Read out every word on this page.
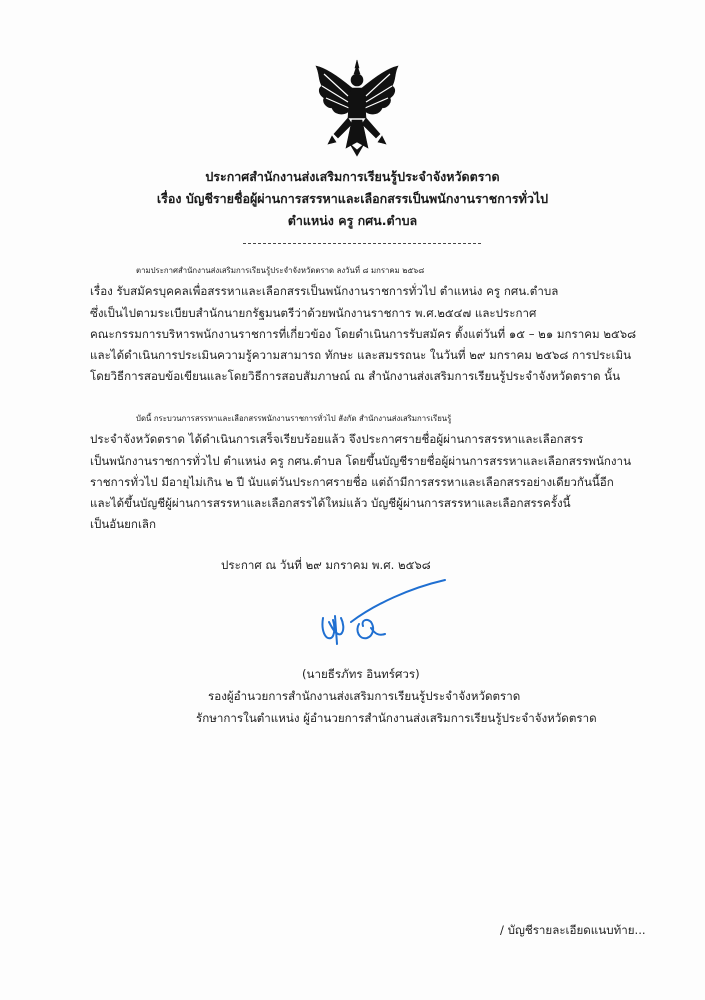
ประกาศสำนักงานส่งเสริมการเรียนรู้ประจำจังหวัดตราด
เรื่อง บัญชีรายชื่อผู้ผ่านการสรรหาและเลือกสรรเป็นพนักงานราชการทั่วไป
ตำแหน่ง ครู กศน.ตำบล
ตามประกาศสำนักงานส่งเสริมการเรียนรู้ประจำจังหวัดตราด ลงวันที่ ๘ มกราคม ๒๕๖๘
เรื่อง รับสมัครบุคคลเพื่อสรรหาและเลือกสรรเป็นพนักงานราชการทั่วไป ตำแหน่ง ครู กศน.ตำบล
ซึ่งเป็นไปตามระเบียบสำนักนายกรัฐมนตรีว่าด้วยพนักงานราชการ พ.ศ.๒๕๔๗ และประกาศ
คณะกรรมการบริหารพนักงานราชการที่เกี่ยวข้อง โดยดำเนินการรับสมัคร ตั้งแต่วันที่ ๑๕ – ๒๑ มกราคม ๒๕๖๘
และได้ดำเนินการประเมินความรู้ความสามารถ ทักษะ และสมรรถนะ ในวันที่ ๒๙ มกราคม ๒๕๖๘ การประเมิน
โดยวิธีการสอบข้อเขียนและโดยวิธีการสอบสัมภาษณ์ ณ สำนักงานส่งเสริมการเรียนรู้ประจำจังหวัดตราด นั้น
บัดนี้ กระบวนการสรรหาและเลือกสรรพนักงานราชการทั่วไป สังกัด สำนักงานส่งเสริมการเรียนรู้
ประจำจังหวัดตราด ได้ดำเนินการเสร็จเรียบร้อยแล้ว จึงประกาศรายชื่อผู้ผ่านการสรรหาและเลือกสรร
เป็นพนักงานราชการทั่วไป ตำแหน่ง ครู กศน.ตำบล โดยขึ้นบัญชีรายชื่อผู้ผ่านการสรรหาและเลือกสรรพนักงาน
ราชการทั่วไป มีอายุไม่เกิน ๒ ปี นับแต่วันประกาศรายชื่อ แต่ถ้ามีการสรรหาและเลือกสรรอย่างเดียวกันนี้อีก
และได้ขึ้นบัญชีผู้ผ่านการสรรหาและเลือกสรรได้ใหม่แล้ว บัญชีผู้ผ่านการสรรหาและเลือกสรรครั้งนี้
เป็นอันยกเลิก
ประกาศ ณ วันที่ ๒๙ มกราคม พ.ศ. ๒๕๖๘
(นายธีรภัทร อินทร์ศวร)
รองผู้อำนวยการสำนักงานส่งเสริมการเรียนรู้ประจำจังหวัดตราด
รักษาการในตำแหน่ง ผู้อำนวยการสำนักงานส่งเสริมการเรียนรู้ประจำจังหวัดตราด
/ บัญชีรายละเอียดแนบท้าย...
